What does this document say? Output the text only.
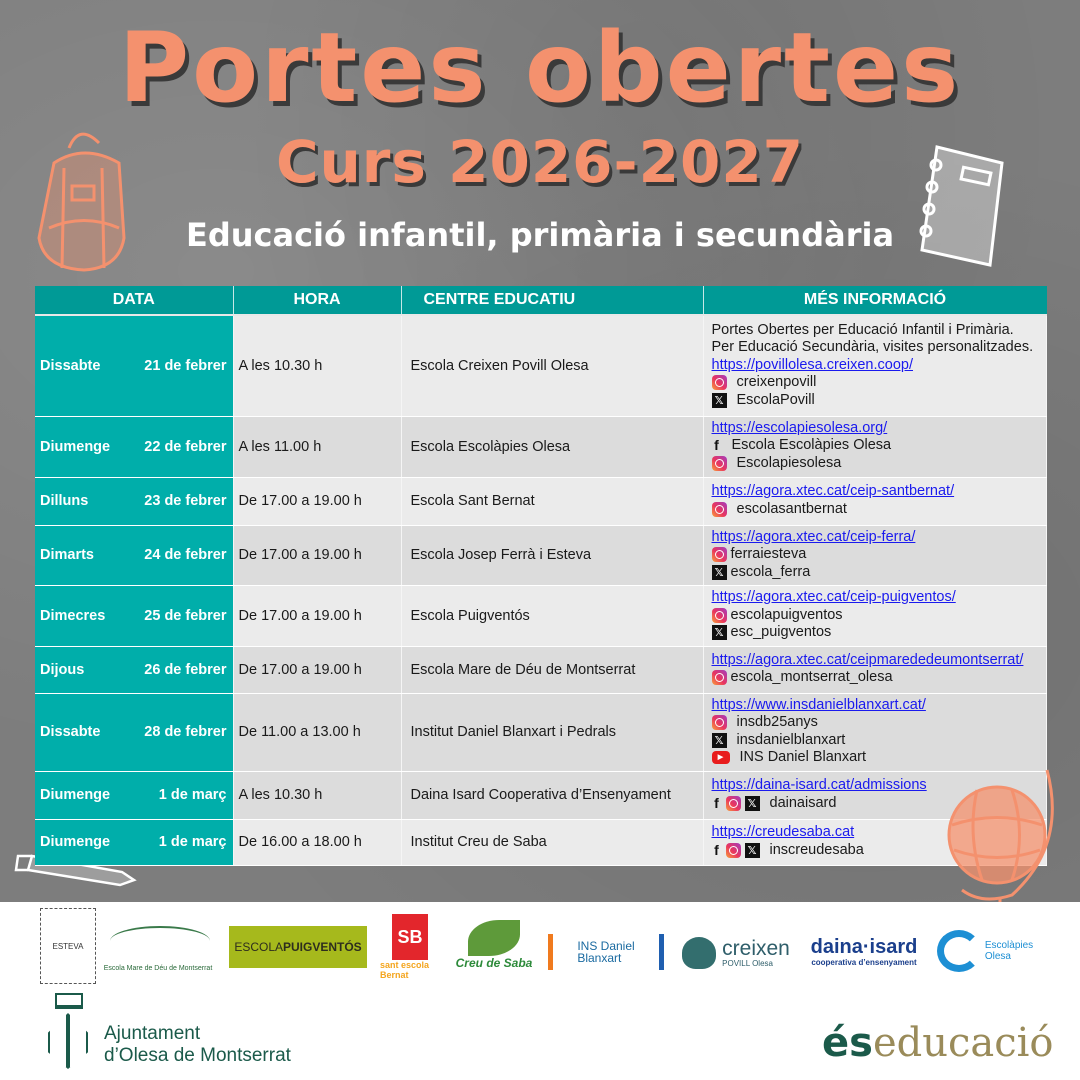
Portes obertes
Curs 2026-2027
Educació infantil, primària i secundària
DATA	HORA	CENTRE EDUCATIU	MÉS INFORMACIÓ

Dissabte	21 de febrer	A les 10.30 h	Escola Creixen Povill Olesa	
Portes Obertes per Educació Infantil i Primària.
Per Educació Secundària, visites personalitzades.
https://povillolesa.creixen.coop/
creixenpovill
𝕏 EscolaPovill

Diumenge 22 de febrer	A les 11.00 h	Escola Escolàpies Olesa	
https://escolapiesolesa.org/
f Escola Escolàpies Olesa
Escolapiesolesa

Dilluns	23 de febrer	De 17.00 a 19.00 h	Escola Sant Bernat	
https://agora.xtec.cat/ceip-santbernat/
escolasantbernat

Dimarts	24 de febrer	De 17.00 a 19.00 h	Escola Josep Ferrà i Esteva	
https://agora.xtec.cat/ceip-ferra/
ferraiesteva
𝕏 escola_ferra

Dimecres	25 de febrer	De 17.00 a 19.00 h	Escola Puigventós	
https://agora.xtec.cat/ceip-puigventos/
escolapuigventos
𝕏 esc_puigventos

Dijous	26 de febrer	De 17.00 a 19.00 h	Escola Mare de Déu de Montserrat	
https://agora.xtec.cat/ceipmarededeumontserrat/
escola_montserrat_olesa

Dissabte	28 de febrer	De 11.00 a 13.00 h	Institut Daniel Blanxart i Pedrals	
https://www.insdanielblanxart.cat/
insdb25anys
𝕏 insdanielblanxart
▶	INS Daniel Blanxart

Diumenge	1 de març	A les 10.30 h	Daina Isard Cooperativa d’Ensenyament	
https://daina-isard.cat/admissions
f	𝕏 dainaisard

Diumenge	1 de març	De 16.00 a 18.00 h	Institut Creu de Saba	
https://creudesaba.cat
f	𝕏 inscreudesaba
ESTEVA
Escola Mare de Déu de Montserrat
ESCOLA PUIGVENTÓS
SB
sant escola Bernat
Creu de Saba
INS Daniel
Blanxart	creixen
POVILL Olesa
daina·isard
cooperativa d’ensenyament
Escolàpies
Olesa
Ajuntament
d’Olesa de Montserrat	éseducació
